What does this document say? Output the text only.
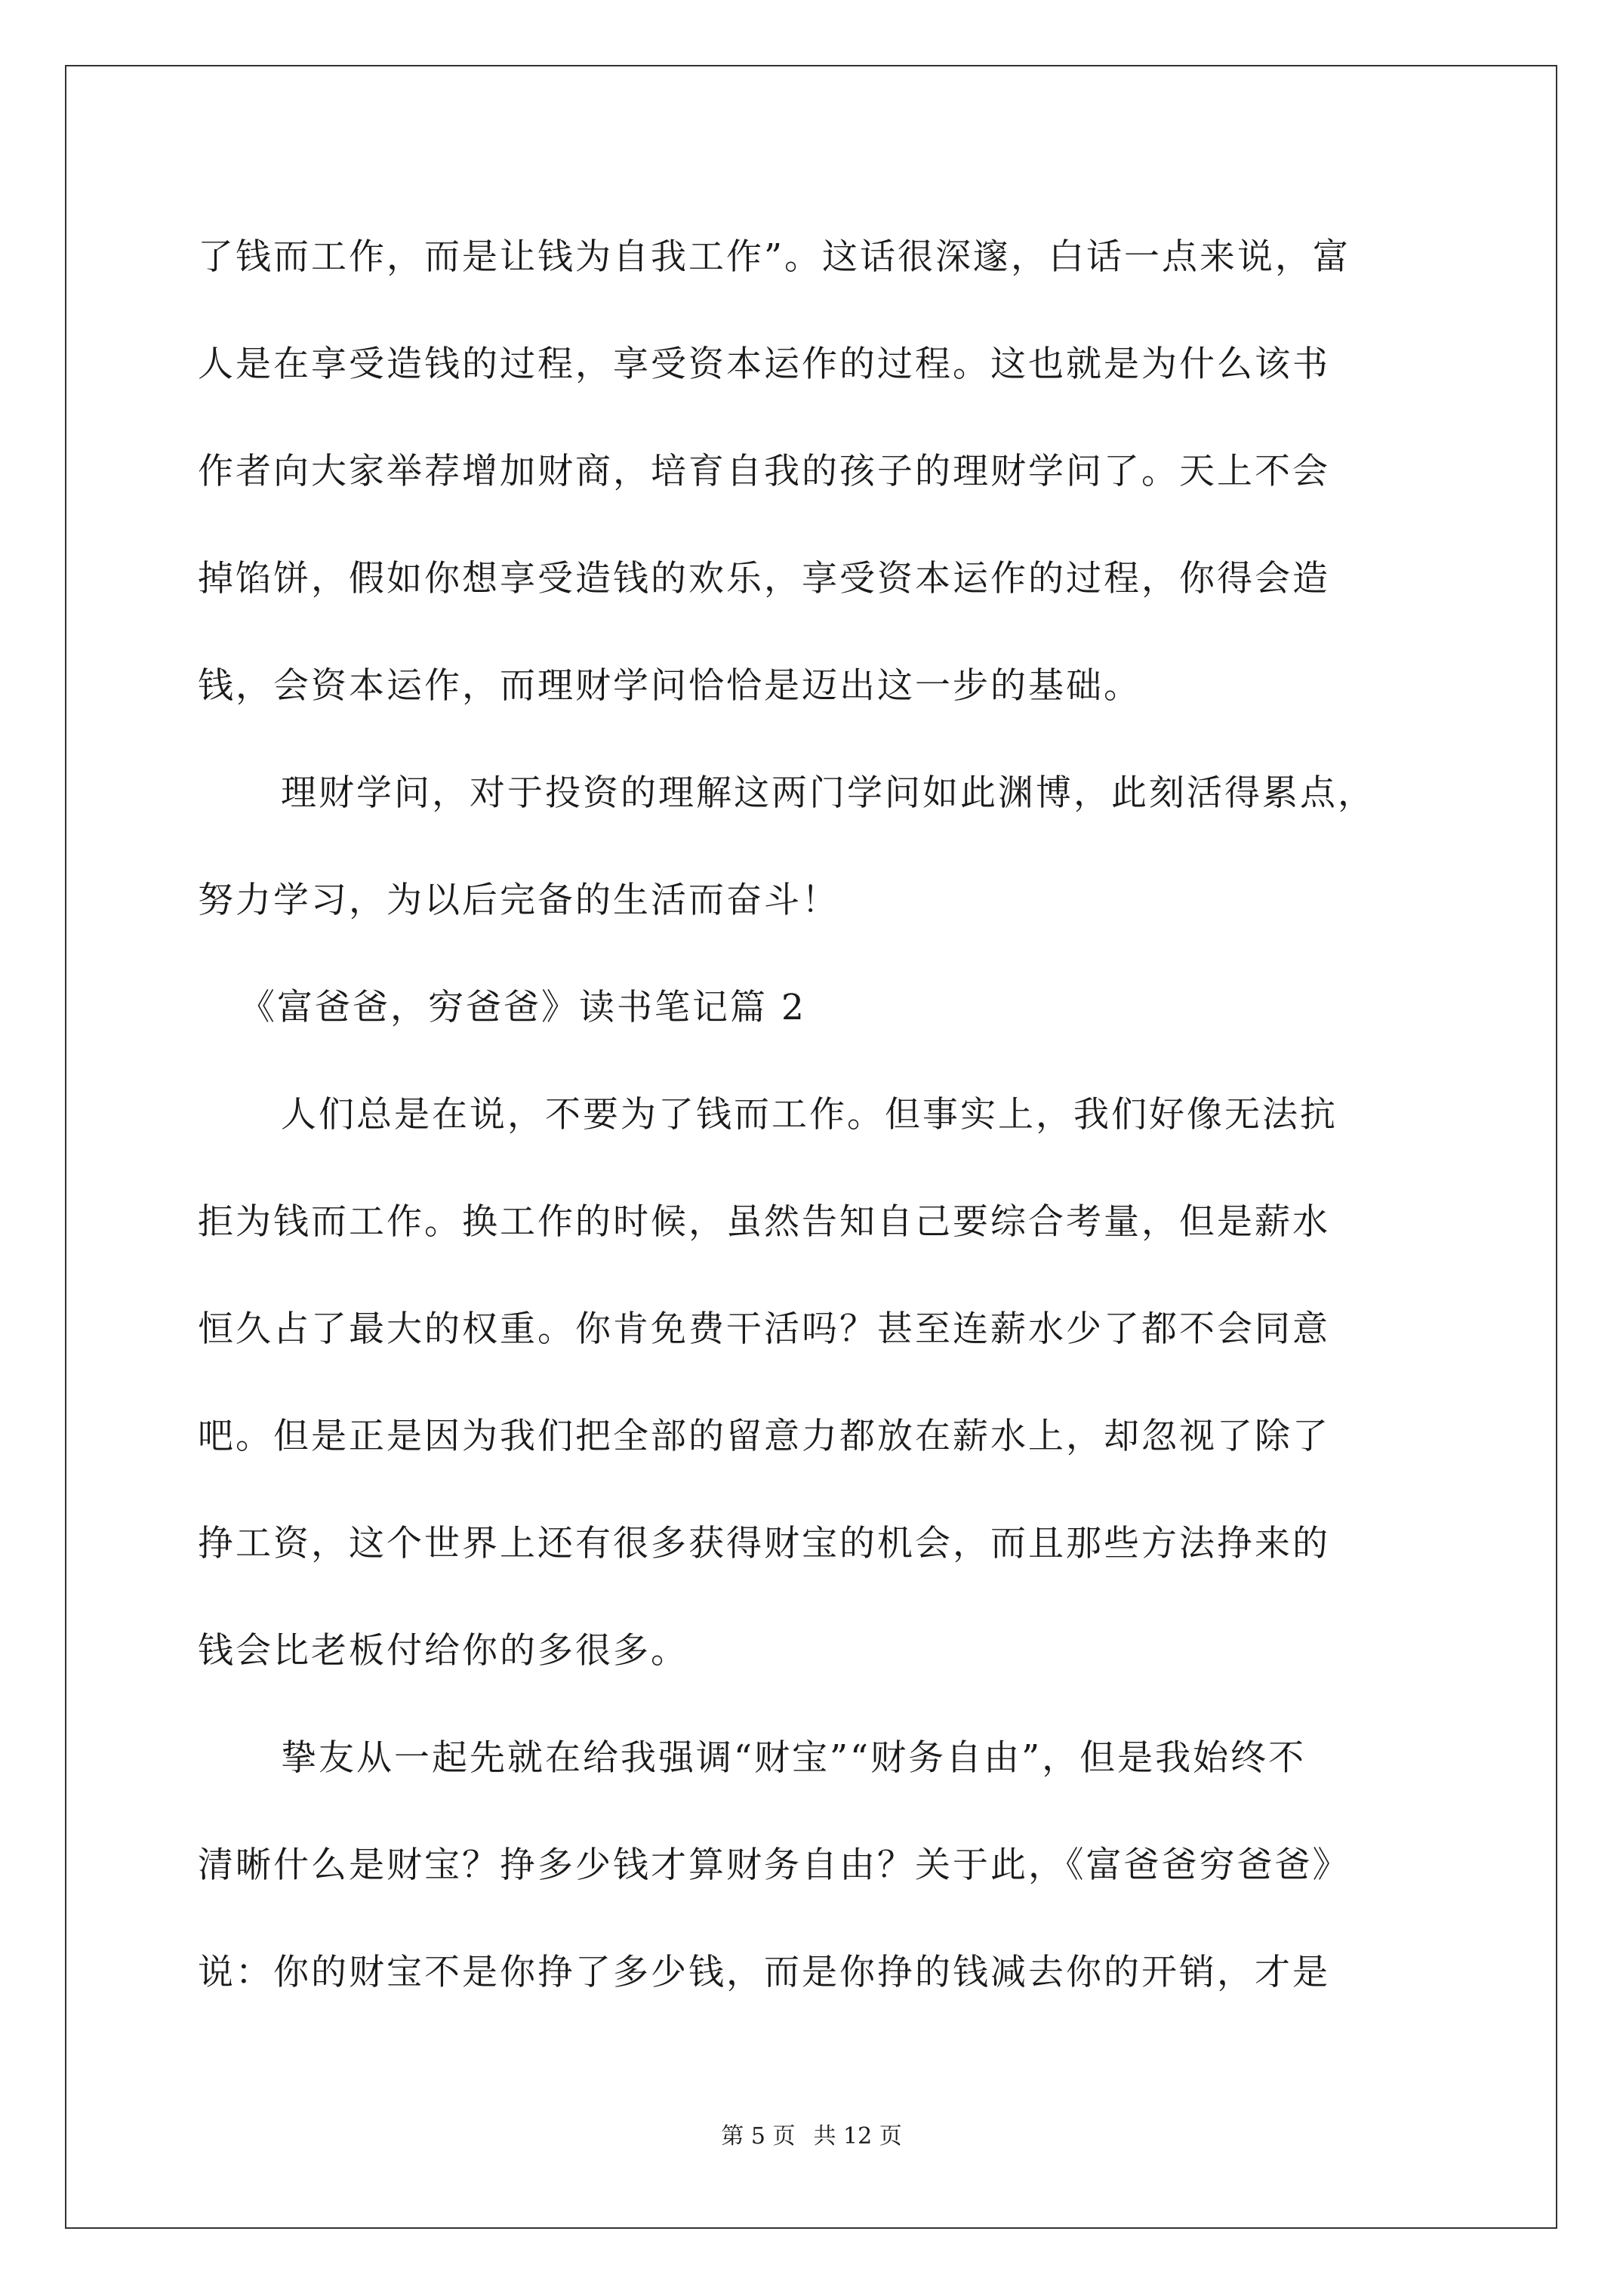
了钱而工作，而是让钱为自我工作”。这话很深邃，白话一点来说，富
人是在享受造钱的过程，享受资本运作的过程。这也就是为什么该书
作者向大家举荐增加财商，培育自我的孩子的理财学问了。天上不会
掉馅饼，假如你想享受造钱的欢乐，享受资本运作的过程，你得会造
钱，会资本运作，而理财学问恰恰是迈出这一步的基础。
理财学问，对于投资的理解这两门学问如此渊博，此刻活得累点，
努力学习，为以后完备的生活而奋斗！
《富爸爸，穷爸爸》读书笔记篇 2
人们总是在说，不要为了钱而工作。但事实上，我们好像无法抗
拒为钱而工作。换工作的时候，虽然告知自己要综合考量，但是薪水
恒久占了最大的权重。你肯免费干活吗？甚至连薪水少了都不会同意
吧。但是正是因为我们把全部的留意力都放在薪水上，却忽视了除了
挣工资，这个世界上还有很多获得财宝的机会，而且那些方法挣来的
钱会比老板付给你的多很多。
挚友从一起先就在给我强调“财宝”“财务自由”，但是我始终不
清晰什么是财宝？挣多少钱才算财务自由？关于此，《富爸爸穷爸爸》
说：你的财宝不是你挣了多少钱，而是你挣的钱减去你的开销，才是
第 5 页 共 12 页
